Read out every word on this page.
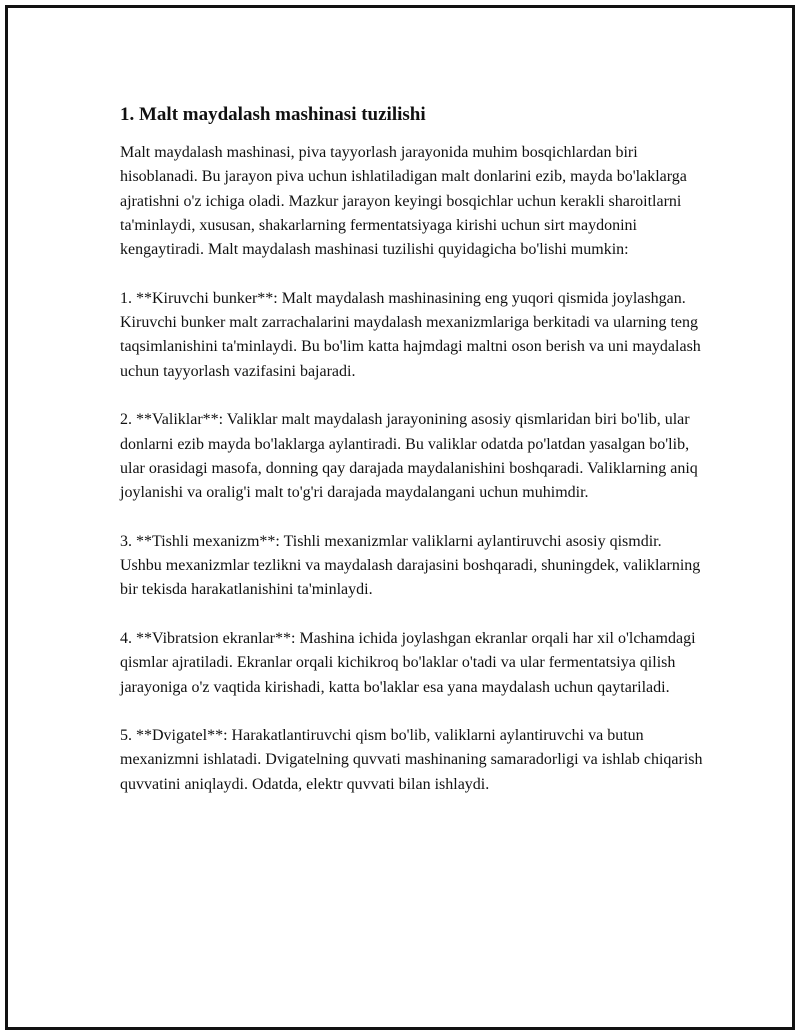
1. Malt maydalash mashinasi tuzilishi

Malt maydalash mashinasi, piva tayyorlash jarayonida muhim bosqichlardan biri hisoblanadi. Bu jarayon piva uchun ishlatiladigan malt donlarini ezib, mayda bo'laklarga ajratishni o'z ichiga oladi. Mazkur jarayon keyingi bosqichlar uchun kerakli sharoitlarni ta'minlaydi, xususan, shakarlarning fermentatsiyaga kirishi uchun sirt maydonini kengaytiradi. Malt maydalash mashinasi tuzilishi quyidagicha bo'lishi mumkin:

1. **Kiruvchi bunker**: Malt maydalash mashinasining eng yuqori qismida joylashgan. Kiruvchi bunker malt zarrachalarini maydalash mexanizmlariga berkitadi va ularning teng taqsimlanishini ta'minlaydi. Bu bo'lim katta hajmdagi maltni oson berish va uni maydalash uchun tayyorlash vazifasini bajaradi.

2. **Valiklar**: Valiklar malt maydalash jarayonining asosiy qismlaridan biri bo'lib, ular donlarni ezib mayda bo'laklarga aylantiradi. Bu valiklar odatda po'latdan yasalgan bo'lib, ular orasidagi masofa, donning qay darajada maydalanishini boshqaradi. Valiklarning aniq joylanishi va oralig'i malt to'g'ri darajada maydalangani uchun muhimdir.

3. **Tishli mexanizm**: Tishli mexanizmlar valiklarni aylantiruvchi asosiy qismdir. Ushbu mexanizmlar tezlikni va maydalash darajasini boshqaradi, shuningdek, valiklarning bir tekisda harakatlanishini ta'minlaydi.

4. **Vibratsion ekranlar**: Mashina ichida joylashgan ekranlar orqali har xil o'lchamdagi qismlar ajratiladi. Ekranlar orqali kichikroq bo'laklar o'tadi va ular fermentatsiya qilish jarayoniga o'z vaqtida kirishadi, katta bo'laklar esa yana maydalash uchun qaytariladi.

5. **Dvigatel**: Harakatlantiruvchi qism bo'lib, valiklarni aylantiruvchi va butun mexanizmni ishlatadi. Dvigatelning quvvati mashinaning samaradorligi va ishlab chiqarish quvvatini aniqlaydi. Odatda, elektr quvvati bilan ishlaydi.
